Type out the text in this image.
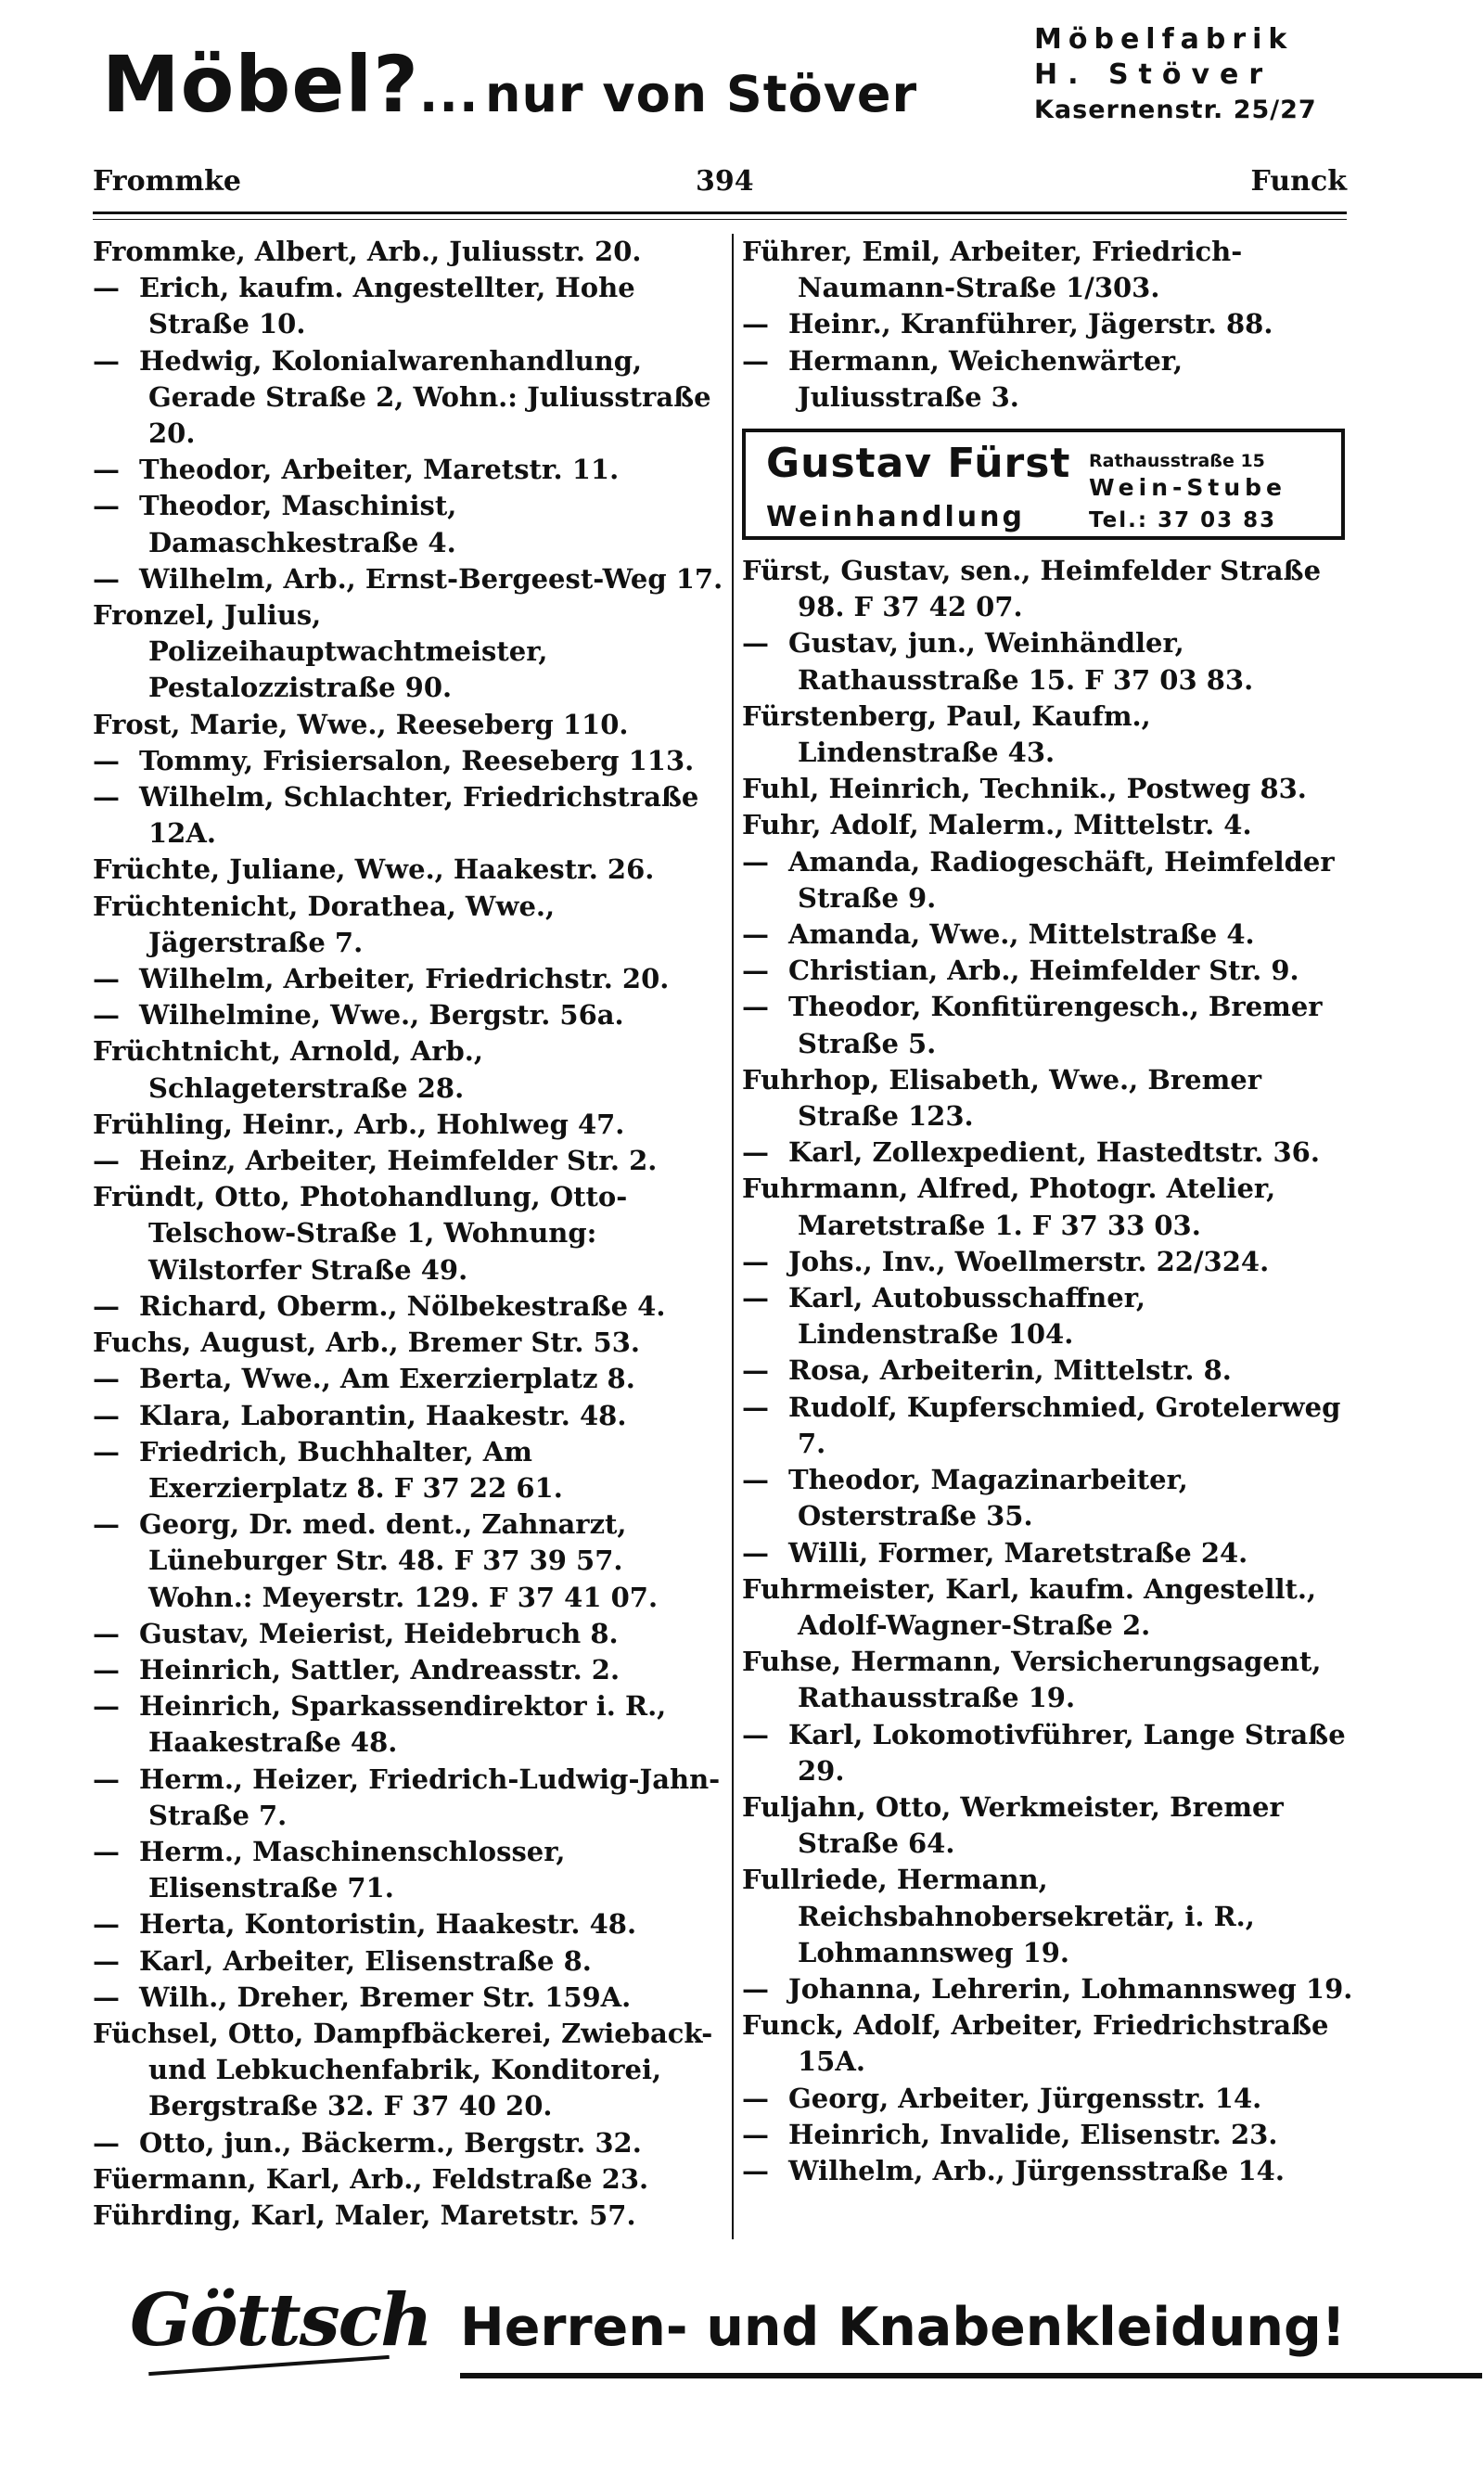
Möbel?... nur von Stöver
Möbelfabrik
H. Stöver
Kasernenstr. 25/27
Frommke	394	Funck

Frommke, Albert, Arb., Juliusstr. 20.

— Erich, kaufm. Angestellter, Hohe Straße 10.

— Hedwig, Kolonialwarenhandlung, Gerade Straße 2, Wohn.: Juliusstraße 20.

— Theodor, Arbeiter, Maretstr. 11.

— Theodor, Maschinist, Damaschkestraße 4.

— Wilhelm, Arb., Ernst-Bergeest-Weg 17.

Fronzel, Julius, Polizeihauptwachtmeister, Pestalozzistraße 90.

Frost, Marie, Wwe., Reeseberg 110.

— Tommy, Frisiersalon, Reeseberg 113.

— Wilhelm, Schlachter, Friedrichstraße 12A.

Früchte, Juliane, Wwe., Haakestr. 26.

Früchtenicht, Dorathea, Wwe., Jägerstraße 7.

— Wilhelm, Arbeiter, Friedrichstr. 20.

— Wilhelmine, Wwe., Bergstr. 56a.

Früchtnicht, Arnold, Arb., Schlageterstraße 28.

Frühling, Heinr., Arb., Hohlweg 47.

— Heinz, Arbeiter, Heimfelder Str. 2.

Fründt, Otto, Photohandlung, Otto-Telschow-Straße 1, Wohnung: Wilstorfer Straße 49.

— Richard, Oberm., Nölbekestraße 4.

Fuchs, August, Arb., Bremer Str. 53.

— Berta, Wwe., Am Exerzierplatz 8.

— Klara, Laborantin, Haakestr. 48.

— Friedrich, Buchhalter, Am Exerzierplatz 8. F 37 22 61.

— Georg, Dr. med. dent., Zahnarzt, Lüneburger Str. 48. F 37 39 57. Wohn.: Meyerstr. 129. F 37 41 07.

— Gustav, Meierist, Heidebruch 8.

— Heinrich, Sattler, Andreasstr. 2.

— Heinrich, Sparkassendirektor i. R., Haakestraße 48.

— Herm., Heizer, Friedrich-Ludwig-Jahn-Straße 7.

— Herm., Maschinenschlosser, Elisenstraße 71.

— Herta, Kontoristin, Haakestr. 48.

— Karl, Arbeiter, Elisenstraße 8.

— Wilh., Dreher, Bremer Str. 159A.

Füchsel, Otto, Dampfbäckerei, Zwieback- und Lebkuchenfabrik, Konditorei, Bergstraße 32. F 37 40 20.

— Otto, jun., Bäckerm., Bergstr. 32.

Füermann, Karl, Arb., Feldstraße 23.

Führding, Karl, Maler, Maretstr. 57.

Führer, Emil, Arbeiter, Friedrich-Naumann-Straße 1/303.

— Heinr., Kranführer, Jägerstr. 88.

— Hermann, Weichenwärter, Juliusstraße 3.

Gustav Fürst
Weinhandlung
Rathausstraße 15
Wein-Stube
Tel.: 37 03 83

Fürst, Gustav, sen., Heimfelder Straße 98. F 37 42 07.

— Gustav, jun., Weinhändler, Rathausstraße 15. F 37 03 83.

Fürstenberg, Paul, Kaufm., Lindenstraße 43.

Fuhl, Heinrich, Technik., Postweg 83.

Fuhr, Adolf, Malerm., Mittelstr. 4.

— Amanda, Radiogeschäft, Heimfelder Straße 9.

— Amanda, Wwe., Mittelstraße 4.

— Christian, Arb., Heimfelder Str. 9.

— Theodor, Konfitürengesch., Bremer Straße 5.

Fuhrhop, Elisabeth, Wwe., Bremer Straße 123.

— Karl, Zollexpedient, Hastedtstr. 36.

Fuhrmann, Alfred, Photogr. Atelier, Maretstraße 1. F 37 33 03.

— Johs., Inv., Woellmerstr. 22/324.

— Karl, Autobusschaffner, Lindenstraße 104.

— Rosa, Arbeiterin, Mittelstr. 8.

— Rudolf, Kupferschmied, Grotelerweg 7.

— Theodor, Magazinarbeiter, Osterstraße 35.

— Willi, Former, Maretstraße 24.

Fuhrmeister, Karl, kaufm. Angestellt., Adolf-Wagner-Straße 2.

Fuhse, Hermann, Versicherungsagent, Rathausstraße 19.

— Karl, Lokomotivführer, Lange Straße 29.

Fuljahn, Otto, Werkmeister, Bremer Straße 64.

Fullriede, Hermann, Reichsbahnobersekretär, i. R., Lohmannsweg 19.

— Johanna, Lehrerin, Lohmannsweg 19.

Funck, Adolf, Arbeiter, Friedrichstraße 15A.

— Georg, Arbeiter, Jürgensstr. 14.

— Heinrich, Invalide, Elisenstr. 23.

— Wilhelm, Arb., Jürgensstraße 14.

Göttsch Herren- und Knabenkleidung!
